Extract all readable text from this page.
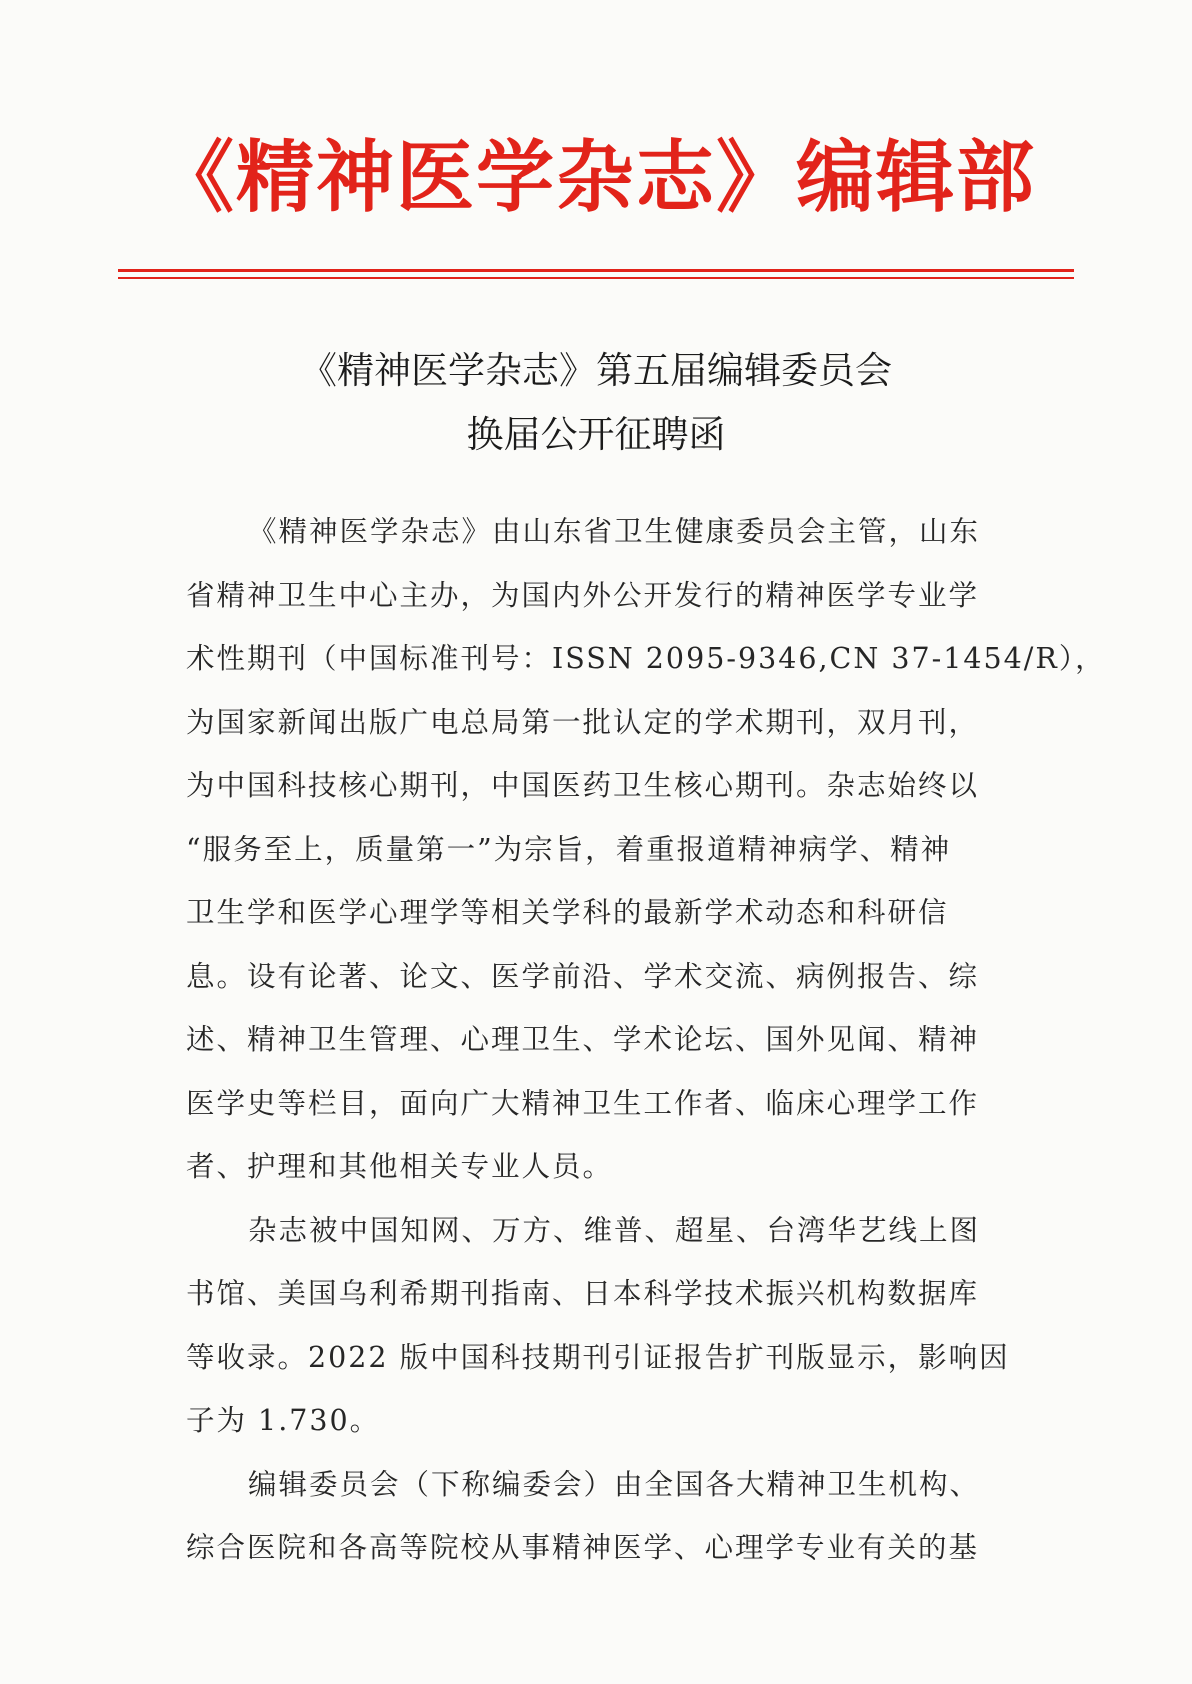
《精神医学杂志》编辑部
《精神医学杂志》第五届编辑委员会
换届公开征聘函
《精神医学杂志》由山东省卫生健康委员会主管，山东
省精神卫生中心主办，为国内外公开发行的精神医学专业学
术性期刊（中国标准刊号：ISSN 2095-9346,CN 37-1454/R），
为国家新闻出版广电总局第一批认定的学术期刊，双月刊，
为中国科技核心期刊，中国医药卫生核心期刊。杂志始终以
“服务至上，质量第一”为宗旨，着重报道精神病学、精神
卫生学和医学心理学等相关学科的最新学术动态和科研信
息。设有论著、论文、医学前沿、学术交流、病例报告、综
述、精神卫生管理、心理卫生、学术论坛、国外见闻、精神
医学史等栏目，面向广大精神卫生工作者、临床心理学工作
者、护理和其他相关专业人员。
杂志被中国知网、万方、维普、超星、台湾华艺线上图
书馆、美国乌利希期刊指南、日本科学技术振兴机构数据库
等收录。2022 版中国科技期刊引证报告扩刊版显示，影响因
子为 1.730。
编辑委员会（下称编委会）由全国各大精神卫生机构、
综合医院和各高等院校从事精神医学、心理学专业有关的基
